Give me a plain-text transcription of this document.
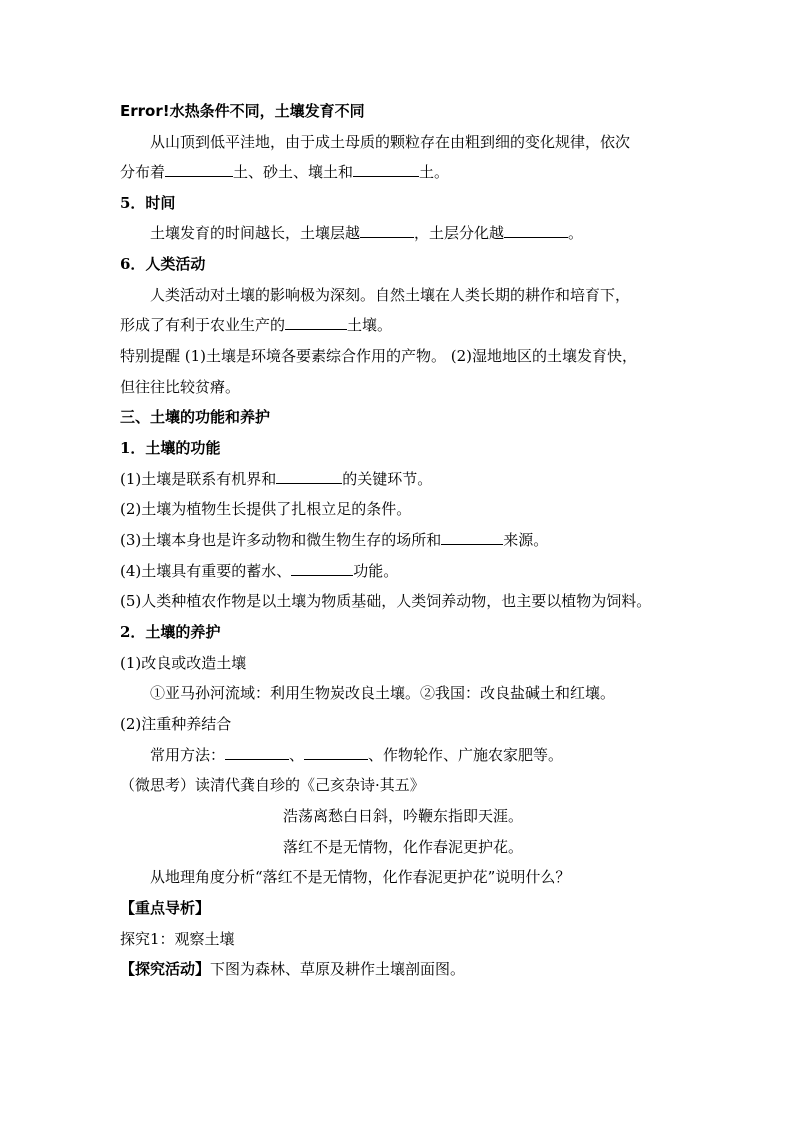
Error!水热条件不同，土壤发育不同
从山顶到低平洼地，由于成土母质的颗粒存在由粗到细的变化规律，依次
分布着	土、砂土、壤土和	土。
5．时间
土壤发育的时间越长，土壤层越	，土层分化越	。
6．人类活动
人类活动对土壤的影响极为深刻。自然土壤在人类长期的耕作和培育下，
形成了有利于农业生产的	土壤。
特别提醒 (1)土壤是环境各要素综合作用的产物。 (2)湿地地区的土壤发育快，
但往往比较贫瘠。
三、土壤的功能和养护
1．土壤的功能
(1)土壤是联系有机界和	的关键环节。
(2)土壤为植物生长提供了扎根立足的条件。
(3)土壤本身也是许多动物和微生物生存的场所和	来源。
(4)土壤具有重要的蓄水、	功能。
(5)人类种植农作物是以土壤为物质基础，人类饲养动物，也主要以植物为饲料。
2．土壤的养护
(1)改良或改造土壤
①亚马孙河流域：利用生物炭改良土壤。②我国：改良盐碱土和红壤。
(2)注重种养结合
常用方法：	、	、作物轮作、广施农家肥等。
（微思考）读清代龚自珍的《己亥杂诗·其五》
浩荡离愁白日斜，吟鞭东指即天涯。
落红不是无情物，化作春泥更护花。
从地理角度分析“落红不是无情物，化作春泥更护花”说明什么？
【重点导析】
探究1：观察土壤
【探究活动】下图为森林、草原及耕作土壤剖面图。
